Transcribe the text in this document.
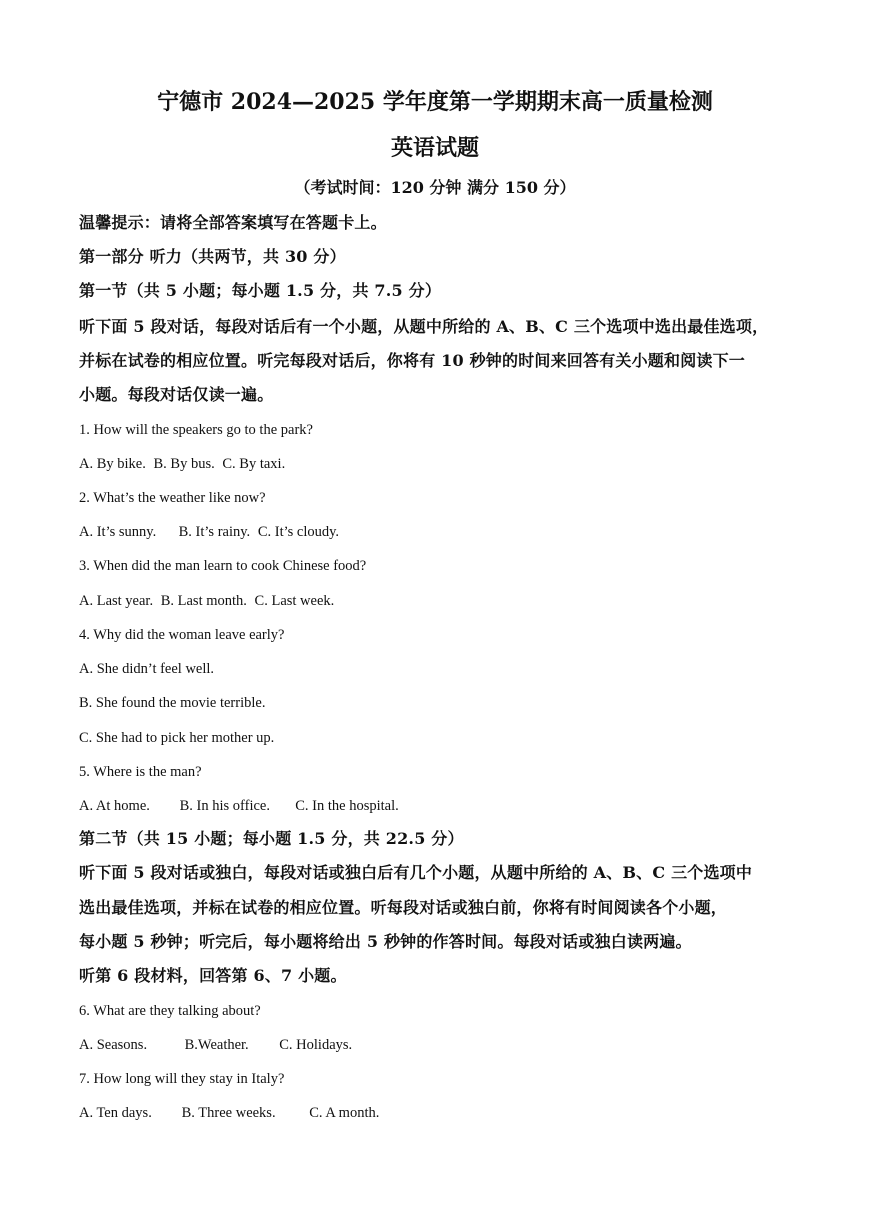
宁德市 2024—2025 学年度第一学期期末高一质量检测
英语试题
（考试时间：120 分钟 满分 150 分）
温馨提示：请将全部答案填写在答题卡上。
第一部分 听力（共两节，共 30 分）
第一节（共 5 小题；每小题 1.5 分，共 7.5 分）
听下面 5 段对话，每段对话后有一个小题，从题中所给的 A、B、C 三个选项中选出最佳选项，
并标在试卷的相应位置。听完每段对话后，你将有 10 秒钟的时间来回答有关小题和阅读下一
小题。每段对话仅读一遍。
1. How will the speakers go to the park?
A. By bike. B. By bus. C. By taxi.
2. What’s the weather like now?
A. It’s sunny. B. It’s rainy. C. It’s cloudy.
3. When did the man learn to cook Chinese food?
A. Last year. B. Last month. C. Last week.
4. Why did the woman leave early?
A. She didn’t feel well.
B. She found the movie terrible.
C. She had to pick her mother up.
5. Where is the man?
A. At home. B. In his office. C. In the hospital.
第二节（共 15 小题；每小题 1.5 分，共 22.5 分）
听下面 5 段对话或独白，每段对话或独白后有几个小题，从题中所给的 A、B、C 三个选项中
选出最佳选项，并标在试卷的相应位置。听每段对话或独白前，你将有时间阅读各个小题，
每小题 5 秒钟；听完后，每小题将给出 5 秒钟的作答时间。每段对话或独白读两遍。
听第 6 段材料，回答第 6、7 小题。
6. What are they talking about?
A. Seasons.	B.Weather. C. Holidays.
7. How long will they stay in Italy?
A. Ten days. B. Three weeks. C. A month.
